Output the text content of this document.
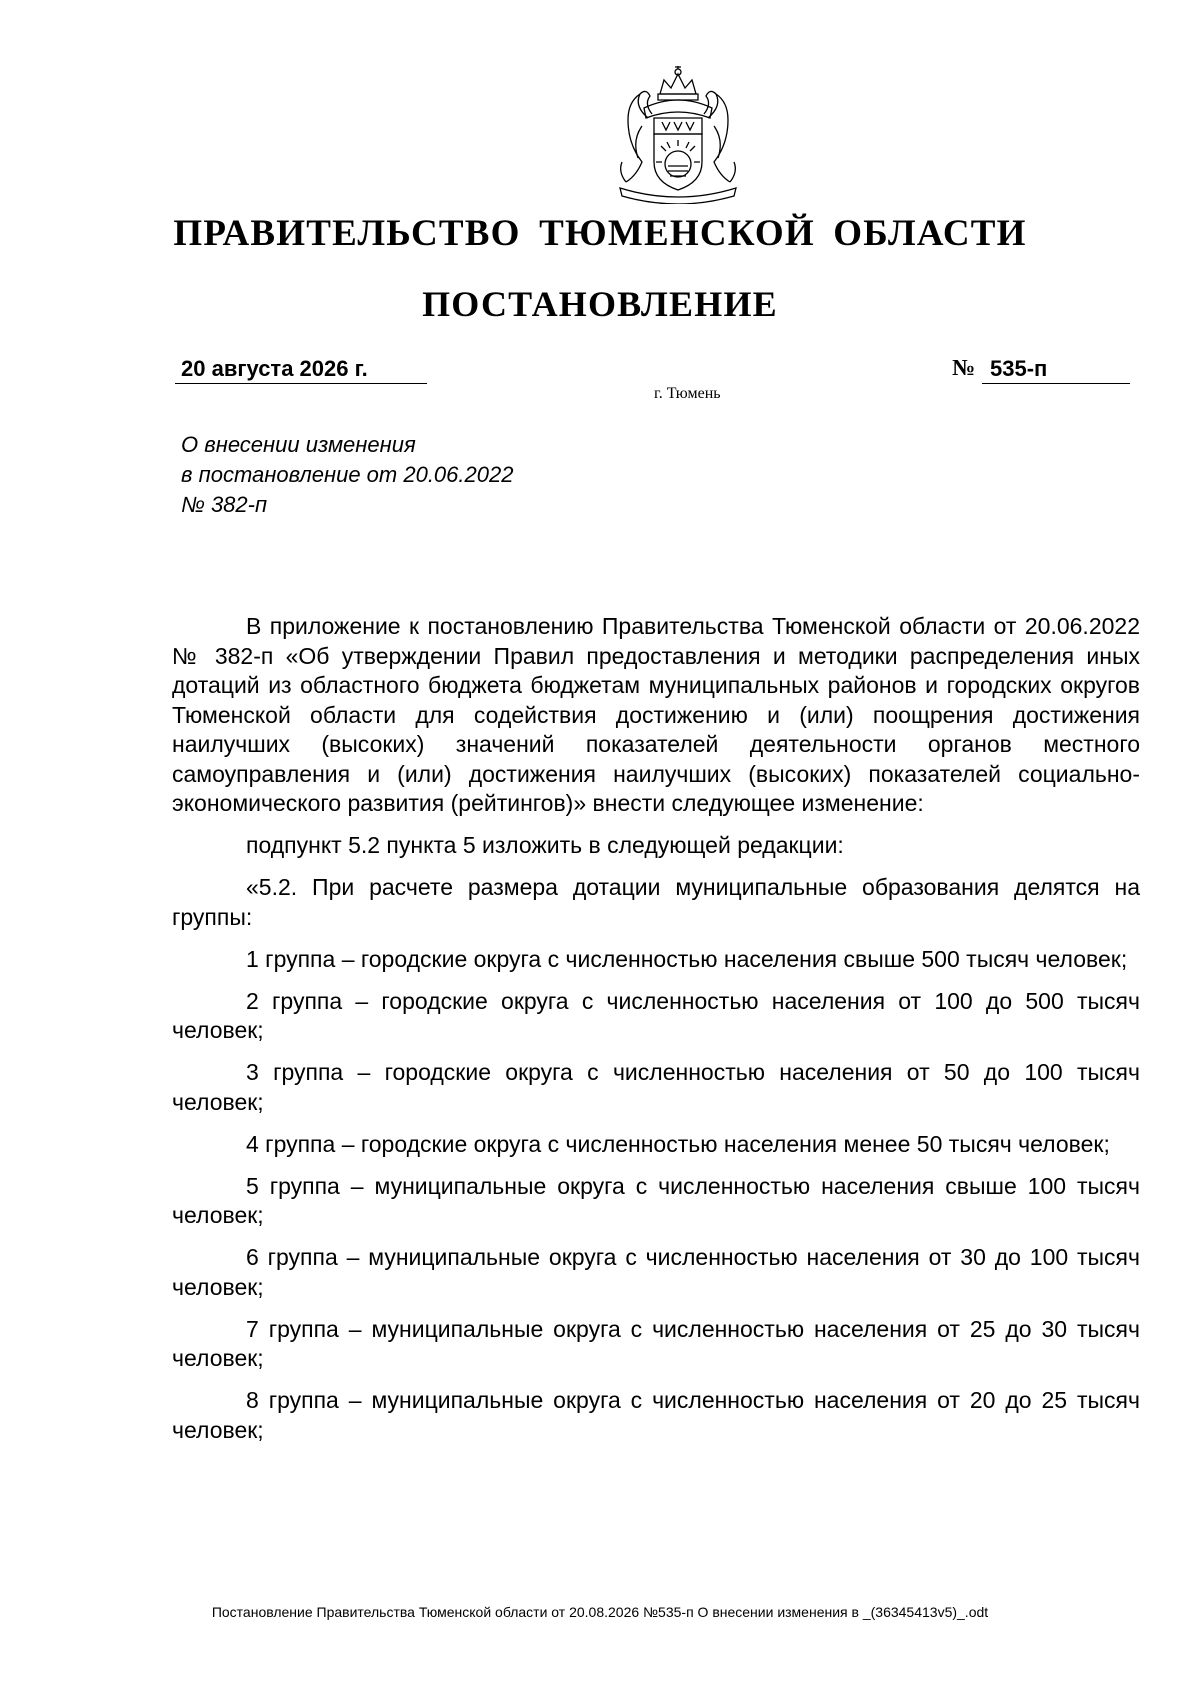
ПРАВИТЕЛЬСТВО ТЮМЕНСКОЙ ОБЛАСТИ
ПОСТАНОВЛЕНИЕ
20 августа 2026 г.	№ 535-п
г. Тюмень
О внесении изменения
в постановление от 20.06.2022
№ 382-п

В приложение к постановлению Правительства Тюменской области от 20.06.2022 № 382-п «Об утверждении Правил предоставления и методики распределения иных дотаций из областного бюджета бюджетам муниципальных районов и городских округов Тюменской области для содействия достижению и (или) поощрения достижения наилучших (высоких) значений показателей деятельности органов местного самоуправления и (или) достижения наилучших (высоких) показателей социально-экономического развития (рейтингов)» внести следующее изменение:

подпункт 5.2 пункта 5 изложить в следующей редакции:

«5.2. При расчете размера дотации муниципальные образования делятся на группы:

1 группа – городские округа с численностью населения свыше 500 тысяч человек;

2 группа – городские округа с численностью населения от 100 до 500 тысяч человек;

3 группа – городские округа с численностью населения от 50 до 100 тысяч человек;

4 группа – городские округа с численностью населения менее 50 тысяч человек;

5 группа – муниципальные округа с численностью населения свыше 100 тысяч человек;

6 группа – муниципальные округа с численностью населения от 30 до 100 тысяч человек;

7 группа – муниципальные округа с численностью населения от 25 до 30 тысяч человек;

8 группа – муниципальные округа с численностью населения от 20 до 25 тысяч человек;

Постановление Правительства Тюменской области от 20.08.2026 №535-п О внесении изменения в _(36345413v5)_.odt
